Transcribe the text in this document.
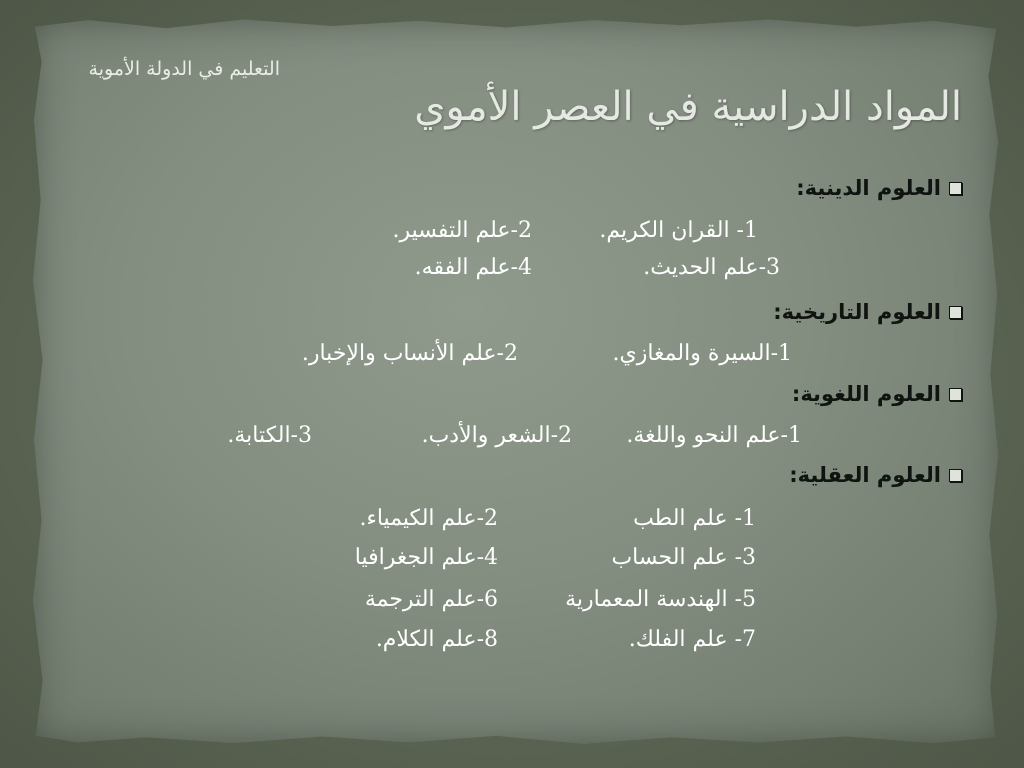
التعليم في الدولة الأموية
المواد الدراسية في العصر الأموي
العلوم الدينية:
1- القران الكريم.
2-علم التفسير.
3-علم الحديث.
4-علم الفقه.
العلوم التاريخية:
1-السيرة والمغازي.
2-علم الأنساب والإخبار.
العلوم اللغوية:
1-علم النحو واللغة.
2-الشعر والأدب.
3-الكتابة.
العلوم العقلية:
1- علم الطب
2-علم الكيمياء.
3- علم الحساب
4-علم الجغرافيا
5- الهندسة المعمارية
6-علم الترجمة
7- علم الفلك.
8-علم الكلام.
